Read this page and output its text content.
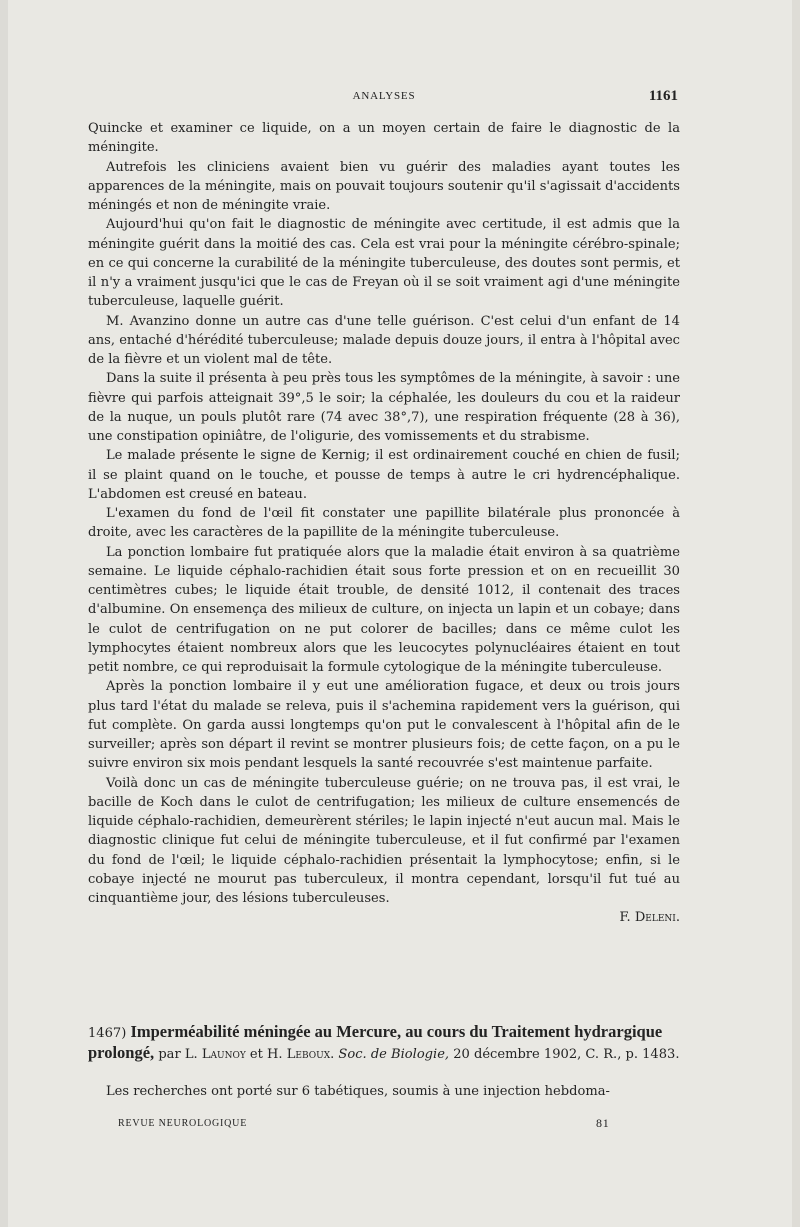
ANALYSES	1161

Quincke et examiner ce liquide, on a un moyen certain de faire le diagnostic de la méningite.

Autrefois les cliniciens avaient bien vu guérir des maladies ayant toutes les apparences de la méningite, mais on pouvait toujours soutenir qu'il s'agissait d'accidents méningés et non de méningite vraie.

Aujourd'hui qu'on fait le diagnostic de méningite avec certitude, il est admis que la méningite guérit dans la moitié des cas. Cela est vrai pour la méningite cérébro-spinale; en ce qui concerne la curabilité de la méningite tuberculeuse, des doutes sont permis, et il n'y a vraiment jusqu'ici que le cas de Freyan où il se soit vraiment agi d'une méningite tuberculeuse, laquelle guérit.

M. Avanzino donne un autre cas d'une telle guérison. C'est celui d'un enfant de 14 ans, entaché d'hérédité tuberculeuse; malade depuis douze jours, il entra à l'hôpital avec de la fièvre et un violent mal de tête.

Dans la suite il présenta à peu près tous les symptômes de la méningite, à savoir : une fièvre qui parfois atteignait 39°,5 le soir; la céphalée, les douleurs du cou et la raideur de la nuque, un pouls plutôt rare (74 avec 38°,7), une respiration fréquente (28 à 36), une constipation opiniâtre, de l'oligurie, des vomissements et du strabisme.

Le malade présente le signe de Kernig; il est ordinairement couché en chien de fusil; il se plaint quand on le touche, et pousse de temps à autre le cri hydrencéphalique. L'abdomen est creusé en bateau.

L'examen du fond de l'œil fit constater une papillite bilatérale plus prononcée à droite, avec les caractères de la papillite de la méningite tuberculeuse.

La ponction lombaire fut pratiquée alors que la maladie était environ à sa quatrième semaine. Le liquide céphalo-rachidien était sous forte pression et on en recueillit 30 centimètres cubes; le liquide était trouble, de densité 1012, il contenait des traces d'albumine. On ensemença des milieux de culture, on injecta un lapin et un cobaye; dans le culot de centrifugation on ne put colorer de bacilles; dans ce même culot les lymphocytes étaient nombreux alors que les leucocytes polynucléaires étaient en tout petit nombre, ce qui reproduisait la formule cytologique de la méningite tuberculeuse.

Après la ponction lombaire il y eut une amélioration fugace, et deux ou trois jours plus tard l'état du malade se releva, puis il s'achemina rapidement vers la guérison, qui fut complète. On garda aussi longtemps qu'on put le convalescent à l'hôpital afin de le surveiller; après son départ il revint se montrer plusieurs fois; de cette façon, on a pu le suivre environ six mois pendant lesquels la santé recouvrée s'est maintenue parfaite.

Voilà donc un cas de méningite tuberculeuse guérie; on ne trouva pas, il est vrai, le bacille de Koch dans le culot de centrifugation; les milieux de culture ensemencés de liquide céphalo-rachidien, demeurèrent stériles; le lapin injecté n'eut aucun mal. Mais le diagnostic clinique fut celui de méningite tuberculeuse, et il fut confirmé par l'examen du fond de l'œil; le liquide céphalo-rachidien présentait la lymphocytose; enfin, si le cobaye injecté ne mourut pas tuberculeux, il montra cependant, lorsqu'il fut tué au cinquantième jour, des lésions tuberculeuses.

F. Deleni.
1467) Imperméabilité méningée au Mercure, au cours du Traitement hydrargique prolongé, par L. Launoy et H. Leboux. Soc. de Biologie, 20 décembre 1902, C. R., p. 1483.
Les recherches ont porté sur 6 tabétiques, soumis à une injection hebdoma-
REVUE NEUROLOGIQUE	81
